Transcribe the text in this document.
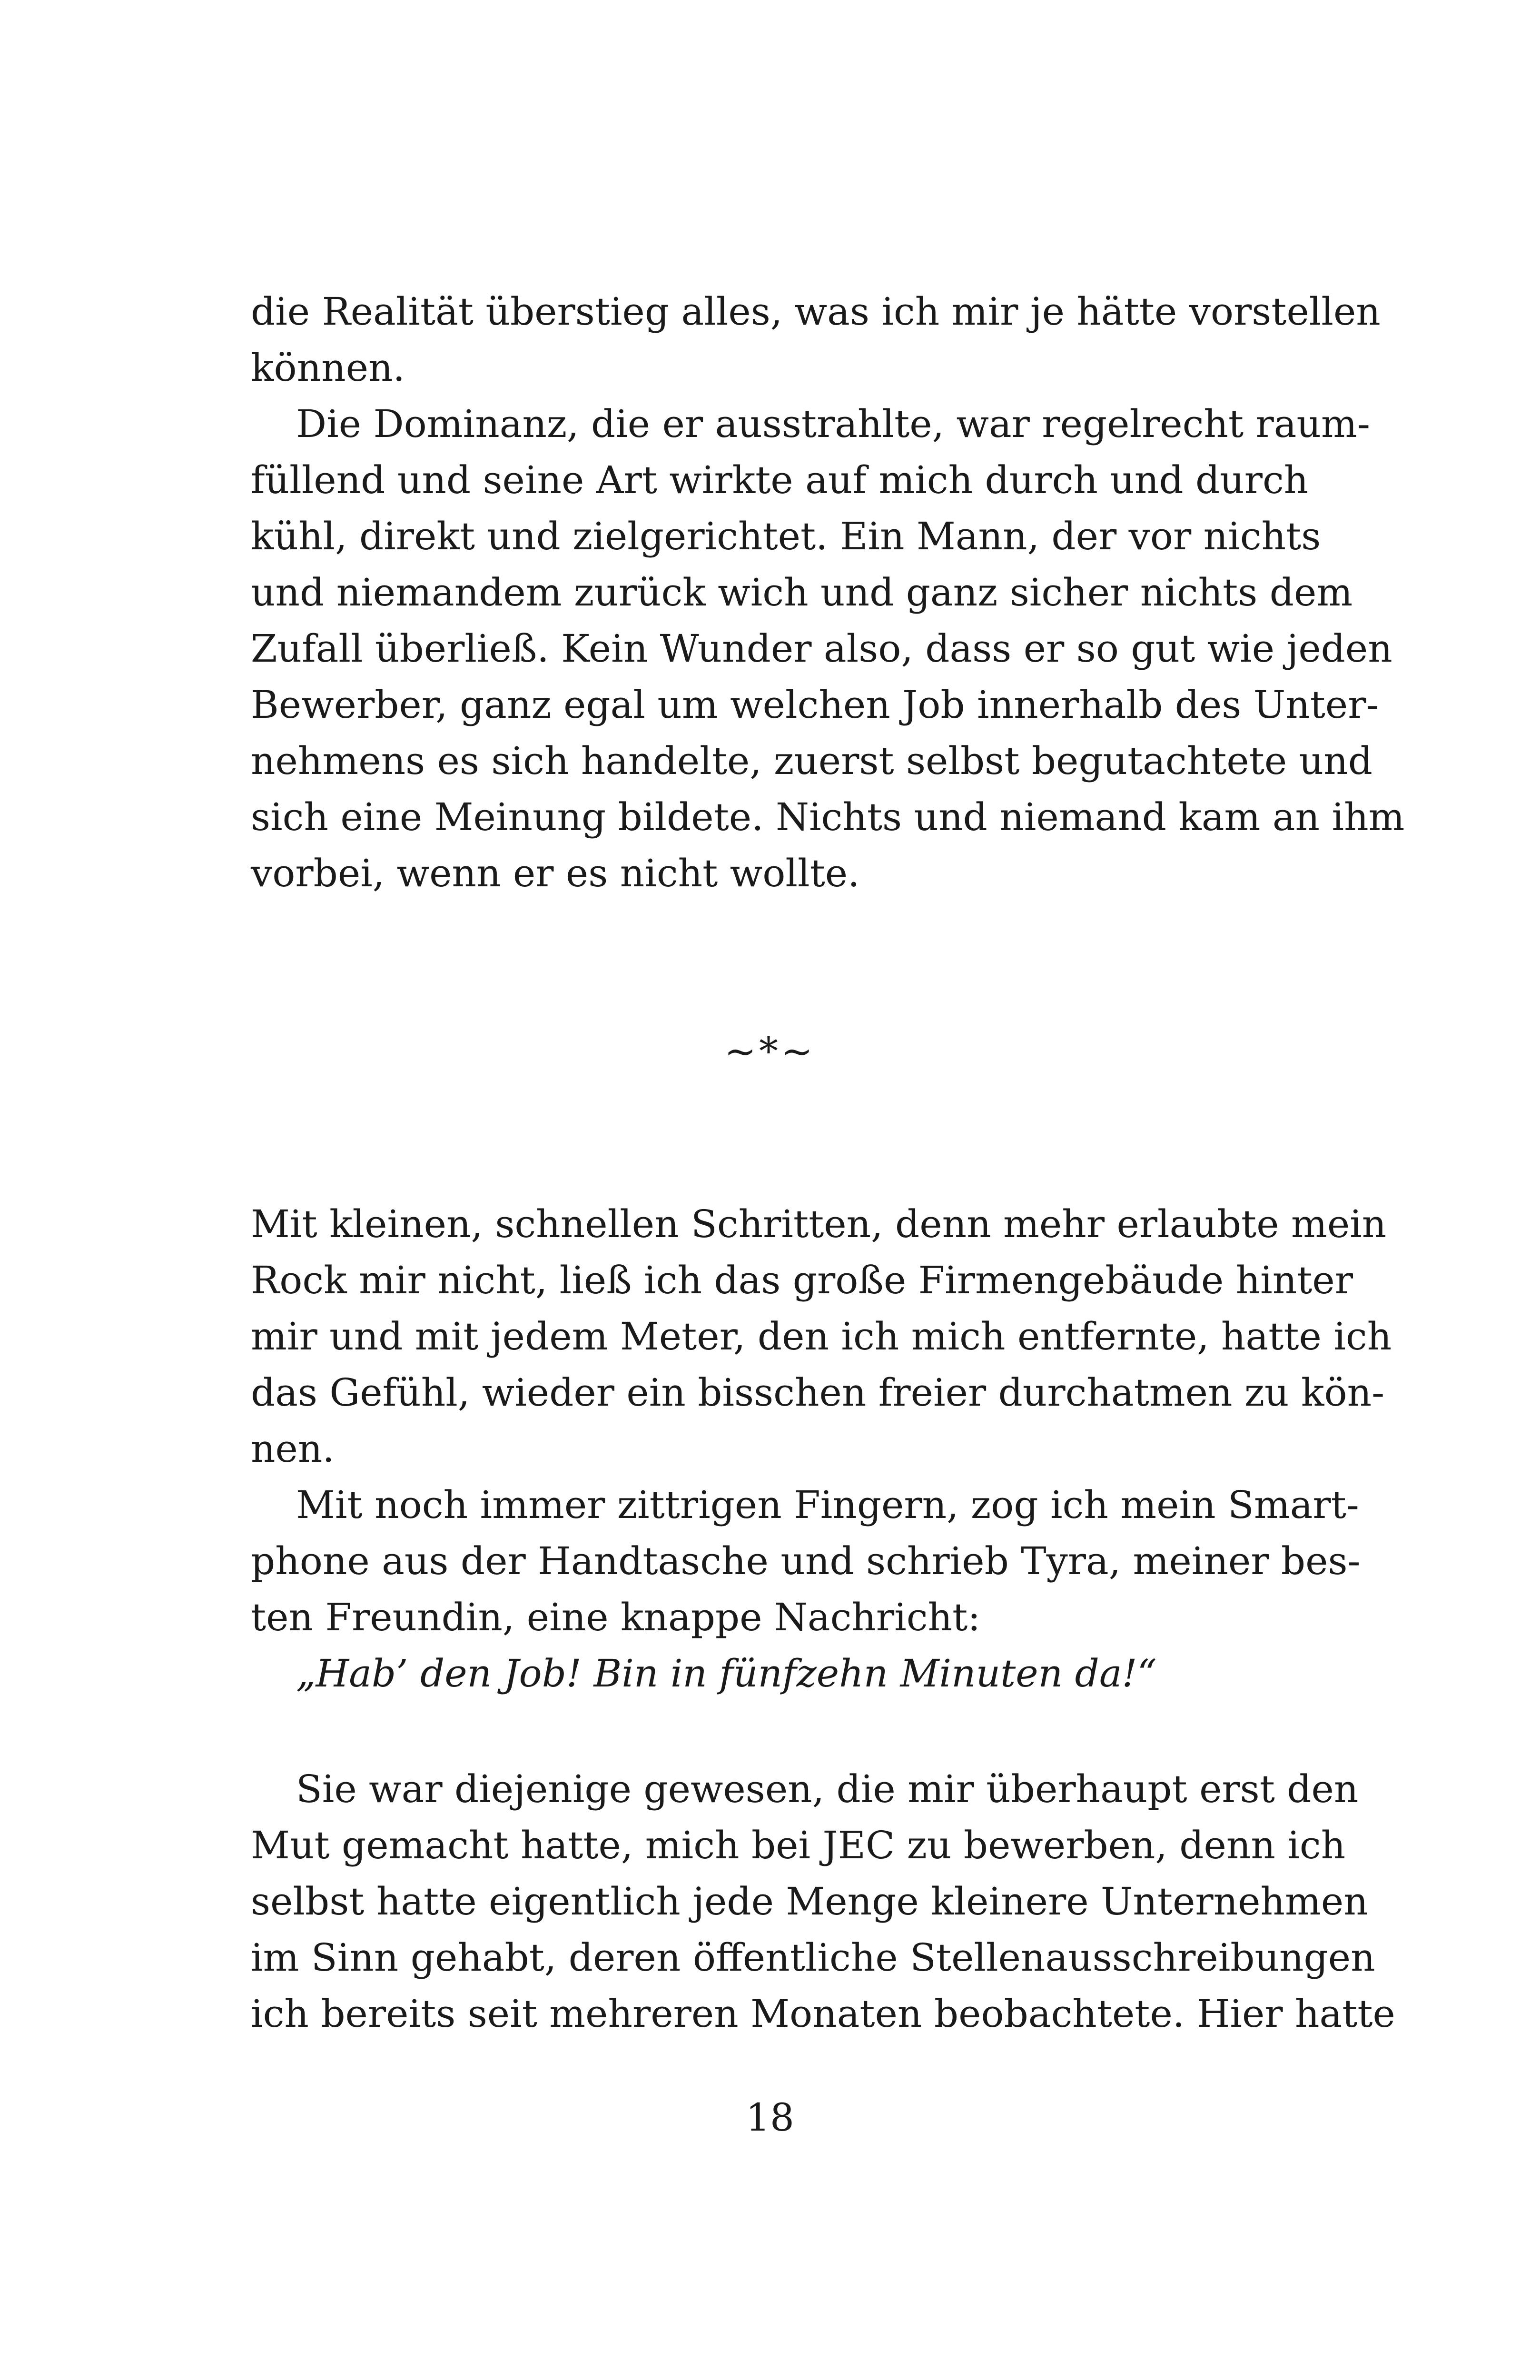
die Realität überstieg alles, was ich mir je hätte vorstellen
können.
Die Dominanz, die er ausstrahlte, war regelrecht raum-
füllend und seine Art wirkte auf mich durch und durch
kühl, direkt und zielgerichtet. Ein Mann, der vor nichts
und niemandem zurück wich und ganz sicher nichts dem
Zufall überließ. Kein Wunder also, dass er so gut wie jeden
Bewerber, ganz egal um welchen Job innerhalb des Unter-
nehmens es sich handelte, zuerst selbst begutachtete und
sich eine Meinung bildete. Nichts und niemand kam an ihm
vorbei, wenn er es nicht wollte.
~*~
Mit kleinen, schnellen Schritten, denn mehr erlaubte mein
Rock mir nicht, ließ ich das große Firmengebäude hinter
mir und mit jedem Meter, den ich mich entfernte, hatte ich
das Gefühl, wieder ein bisschen freier durchatmen zu kön-
nen.
Mit noch immer zittrigen Fingern, zog ich mein Smart-
phone aus der Handtasche und schrieb Tyra, meiner bes-
ten Freundin, eine knappe Nachricht:
„Hab’ den Job! Bin in fünfzehn Minuten da!“
Sie war diejenige gewesen, die mir überhaupt erst den
Mut gemacht hatte, mich bei JEC zu bewerben, denn ich
selbst hatte eigentlich jede Menge kleinere Unternehmen
im Sinn gehabt, deren öffentliche Stellenausschreibungen
ich bereits seit mehreren Monaten beobachtete. Hier hatte
18
